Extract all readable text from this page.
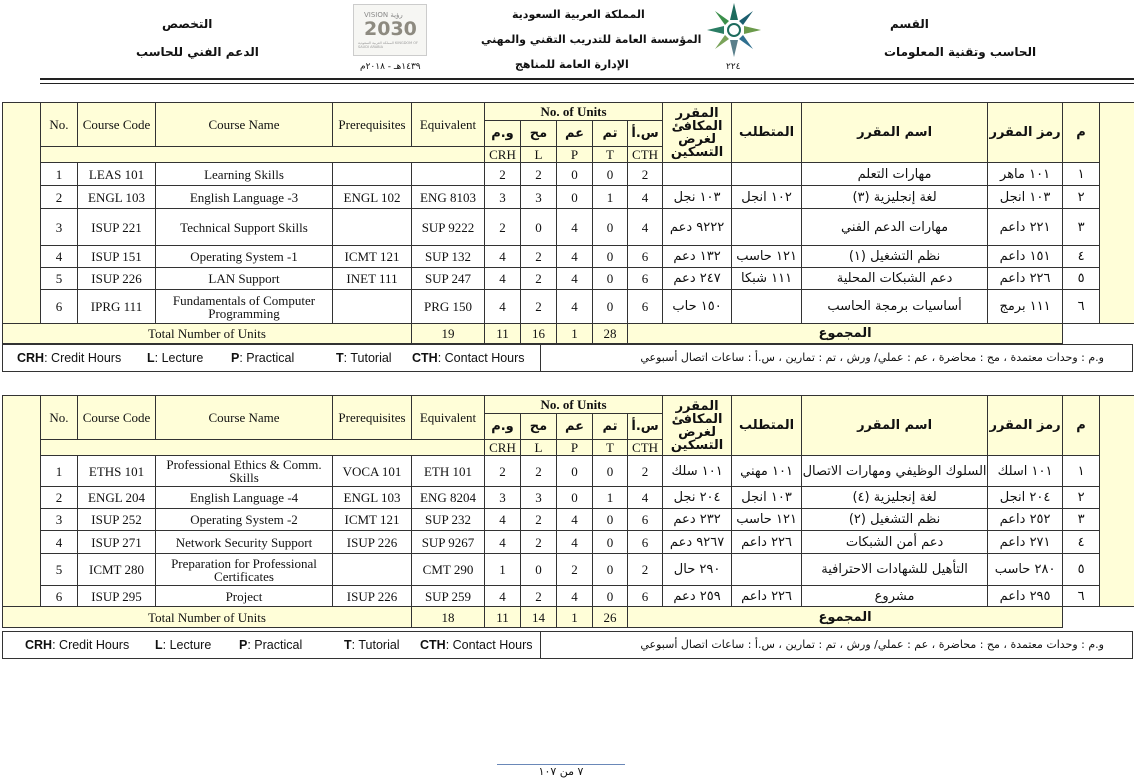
القسم
الحاسب وتقنية المعلومات
التخصص
الدعم الفني للحاسب
المملكة العربية السعودية
المؤسسة العامة للتدريب التقني والمهني
الإدارة العامة للمناهج	٢٢٤
١٤٣٩هـ - ٢٠١٨م
VISION رؤية
2030
المملكة العربية السعودية KINGDOM OF SAUDI ARABIA
	No.	Course Code	Course Name	Prerequisites	Equivalent	No. of Units					المقرر المكافئ لغرض التسكين	المتطلب	اسم المقرر	رمز المقرر	م	
						و.م	مح	عم	تم	س.أ						
						CRH	L	P	T	CTH						
	1	LEAS 101	Learning Skills			2	2	0	0	2			مهارات التعلم	١٠١ ماهر	١	
	2	ENGL 103	English Language -3	ENGL 102	ENG 8103	3	3	0	1	4	١٠٣ نجل	١٠٢ انجل	لغة إنجليزية (٣)	١٠٣ انجل	٢	
	3	ISUP 221	Technical Support Skills		SUP 9222	2	0	4	0	4	٩٢٢٢ دعم		مهارات الدعم الفني	٢٢١ داعم	٣	
	4	ISUP 151	Operating System -1	ICMT 121	SUP 132	4	2	4	0	6	١٣٢ دعم	١٢١ حاسب	نظم التشغيل (١)	١٥١ داعم	٤	
	5	ISUP 226	LAN Support	INET 111	SUP 247	4	2	4	0	6	٢٤٧ دعم	١١١ شبكا	دعم الشبكات المحلية	٢٢٦ داعم	٥	
	6	IPRG 111	Fundamentals of Computer Programming		PRG 150	4	2	4	0	6	١٥٠ حاب		أساسيات برمجة الحاسب	١١١ برمج	٦	
Total Number of Units					19	11	16	1	28	المجموع						
CRH: Credit Hours L: Lecture P: Practical	T: Tutorial CTH: Contact Hours	و.م : وحدات معتمدة ، مح : محاضرة ، عم : عملي/ ورش ، تم : تمارين ، س.أ : ساعات اتصال أسبوعي
	No.	Course Code	Course Name	Prerequisites	Equivalent	No. of Units					المقرر المكافئ لغرض التسكين	المتطلب	اسم المقرر	رمز المقرر	م	
						و.م	مح	عم	تم	س.أ						
						CRH	L	P	T	CTH						
	1	ETHS 101	Professional Ethics & Comm. Skills	VOCA 101	ETH 101	2	2	0	0	2	١٠١ سلك	١٠١ مهني	السلوك الوظيفي ومهارات الاتصال	١٠١ اسلك	١	
	2	ENGL 204	English Language -4	ENGL 103	ENG 8204	3	3	0	1	4	٢٠٤ نجل	١٠٣ انجل	لغة إنجليزية (٤)	٢٠٤ انجل	٢	
	3	ISUP 252	Operating System -2	ICMT 121	SUP 232	4	2	4	0	6	٢٣٢ دعم	١٢١ حاسب	نظم التشغيل (٢)	٢٥٢ داعم	٣	
	4	ISUP 271	Network Security Support	ISUP 226	SUP 9267	4	2	4	0	6	٩٢٦٧ دعم	٢٢٦ داعم	دعم أمن الشبكات	٢٧١ داعم	٤	
	5	ICMT 280	Preparation for Professional Certificates		CMT 290	1	0	2	0	2	٢٩٠ حال		التأهيل للشهادات الاحترافية	٢٨٠ حاسب	٥	
	6	ISUP 295	Project	ISUP 226	SUP 259	4	2	4	0	6	٢٥٩ دعم	٢٢٦ داعم	مشروع	٢٩٥ داعم	٦	
Total Number of Units					18	11	14	1	26	المجموع						
CRH: Credit Hours L: Lecture P: Practical	T: Tutorial CTH: Contact Hours	و.م : وحدات معتمدة ، مح : محاضرة ، عم : عملي/ ورش ، تم : تمارين ، س.أ : ساعات اتصال أسبوعي
٧ من ١٠٧
